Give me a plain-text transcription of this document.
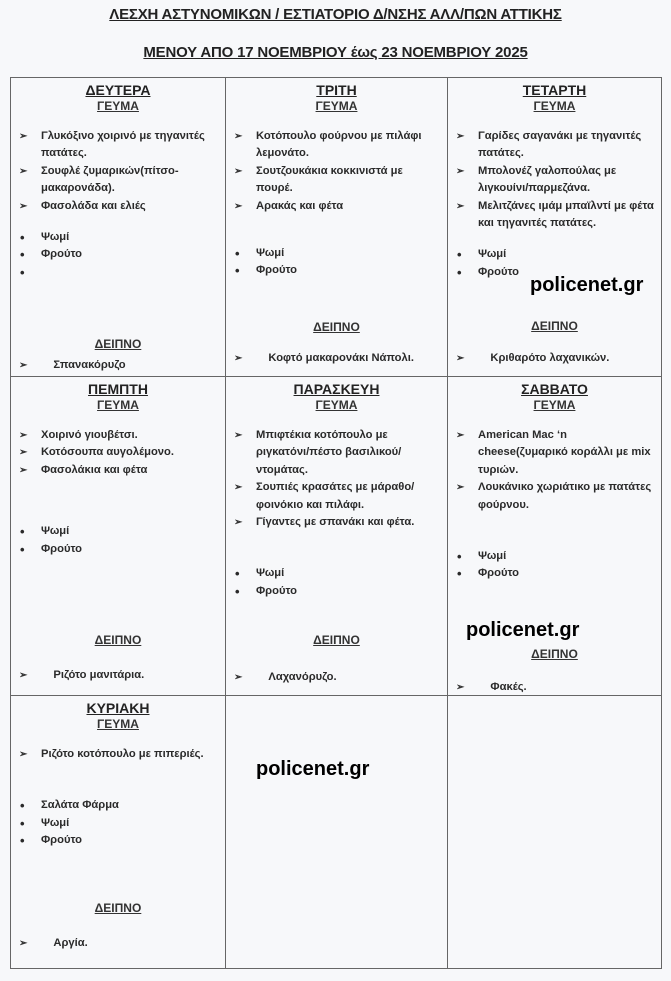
ΛΕΣΧΗ ΑΣΤΥΝΟΜΙΚΩΝ / ΕΣΤΙΑΤΟΡΙΟ Δ/ΝΣΗΣ ΑΛΛ/ΠΩΝ ΑΤΤΙΚΗΣ
ΜΕΝΟΥ ΑΠΟ 17 ΝΟΕΜΒΡΙΟΥ έως 23 ΝΟΕΜΒΡΙΟΥ 2025
ΔΕΥΤΕΡΑ
ΓΕΥΜΑ
➢ Γλυκόξινο χοιρινό με τηγανιτές πατάτες.
➢ Σουφλέ ζυμαρικών(πίτσο-μακαρονάδα).
➢ Φασολάδα και ελιές
• Ψωμί
• Φρούτο
•
ΔΕΙΠΝΟ
➢ Σπανακόρυζο

ΤΡΙΤΗ
ΓΕΥΜΑ
➢ Κοτόπουλο φούρνου με πιλάφι λεμονάτο.
➢ Σουτζουκάκια κοκκινιστά με πουρέ.
➢ Αρακάς και φέτα
• Ψωμί
• Φρούτο
ΔΕΙΠΝΟ
➢ Κοφτό μακαρονάκι Νάπολι.

ΤΕΤΑΡΤΗ
ΓΕΥΜΑ
➢ Γαρίδες σαγανάκι με τηγανιτές πατάτες.
➢ Μπολονέζ γαλοπούλας με λιγκουίνι/παρμεζάνα.
➢ Μελιτζάνες ιμάμ μπαϊλντί με φέτα και τηγανιτές πατάτες.
• Ψωμί
• Φρούτο
ΔΕΙΠΝΟ
➢ Κριθαρότο λαχανικών.

ΠΕΜΠΤΗ
ΓΕΥΜΑ
➢ Χοιρινό γιουβέτσι.
➢ Κοτόσουπα αυγολέμονο.
➢ Φασολάκια και φέτα
• Ψωμί
• Φρούτο
ΔΕΙΠΝΟ
➢ Ριζότο μανιτάρια.

ΠΑΡΑΣΚΕΥΗ
ΓΕΥΜΑ
➢ Μπιφτέκια κοτόπουλο με ριγκατόνι/πέστο βασιλικού/ντομάτας.
➢ Σουπιές κρασάτες με μάραθο/φοινόκιο και πιλάφι.
➢ Γίγαντες με σπανάκι και φέτα.
• Ψωμί
• Φρούτο
ΔΕΙΠΝΟ
➢ Λαχανόρυζο.

ΣΑΒΒΑΤΟ
ΓΕΥΜΑ
➢ American Mac ‘n cheese(ζυμαρικό κοράλλι με mix τυριών.
➢ Λουκάνικο χωριάτικο με πατάτες φούρνου.
• Ψωμί
• Φρούτο
ΔΕΙΠΝΟ
➢ Φακές.

ΚΥΡΙΑΚΗ
ΓΕΥΜΑ
➢ Ριζότο κοτόπουλο με πιπεριές.
• Σαλάτα Φάρμα
• Ψωμί
• Φρούτο
ΔΕΙΠΝΟ
➢ Αργία.

policenet.gr
policenet.gr
policenet.gr
